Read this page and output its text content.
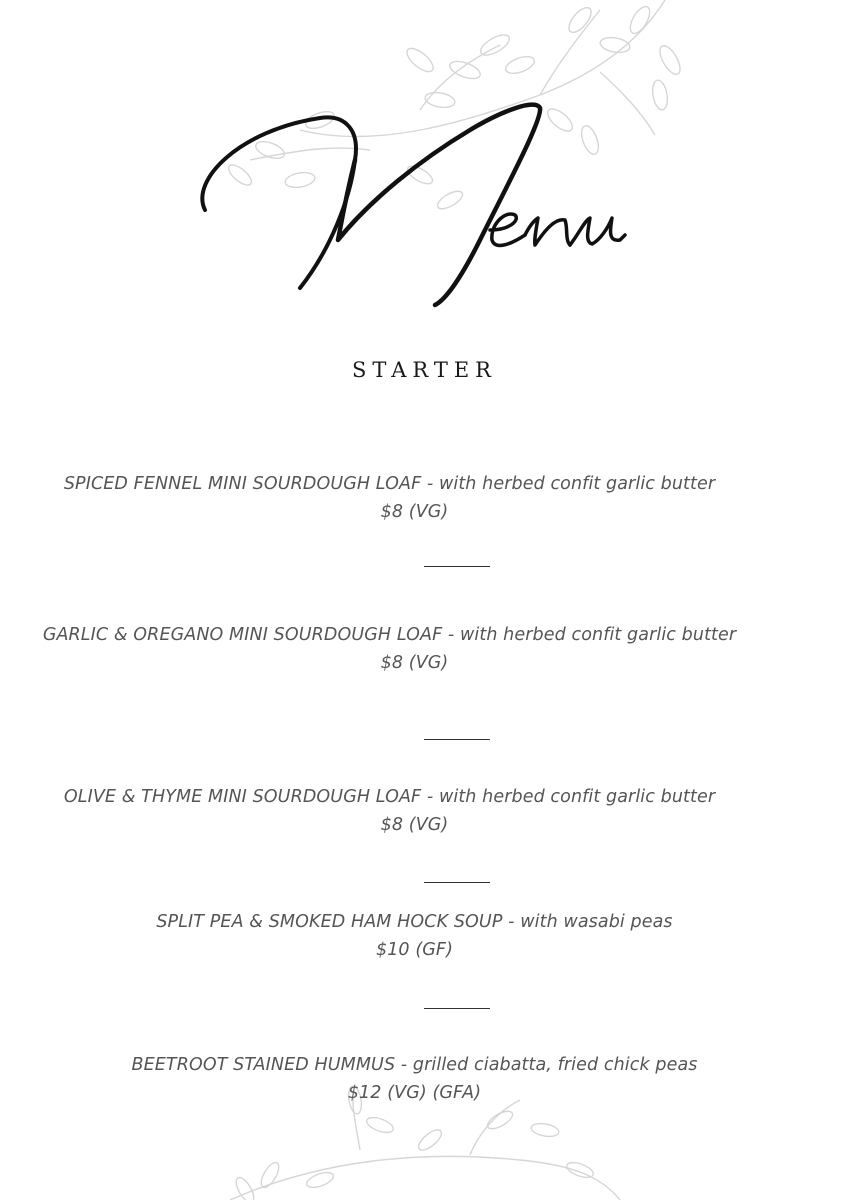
STARTER
SPICED FENNEL MINI SOURDOUGH LOAF - with herbed confit garlic butter
$8 (VG)
GARLIC & OREGANO MINI SOURDOUGH LOAF - with herbed confit garlic butter
$8 (VG)
OLIVE & THYME MINI SOURDOUGH LOAF - with herbed confit garlic butter
$8 (VG)
SPLIT PEA & SMOKED HAM HOCK SOUP - with wasabi peas
$10 (GF)
BEETROOT STAINED HUMMUS - grilled ciabatta, fried chick peas
$12 (VG) (GFA)
